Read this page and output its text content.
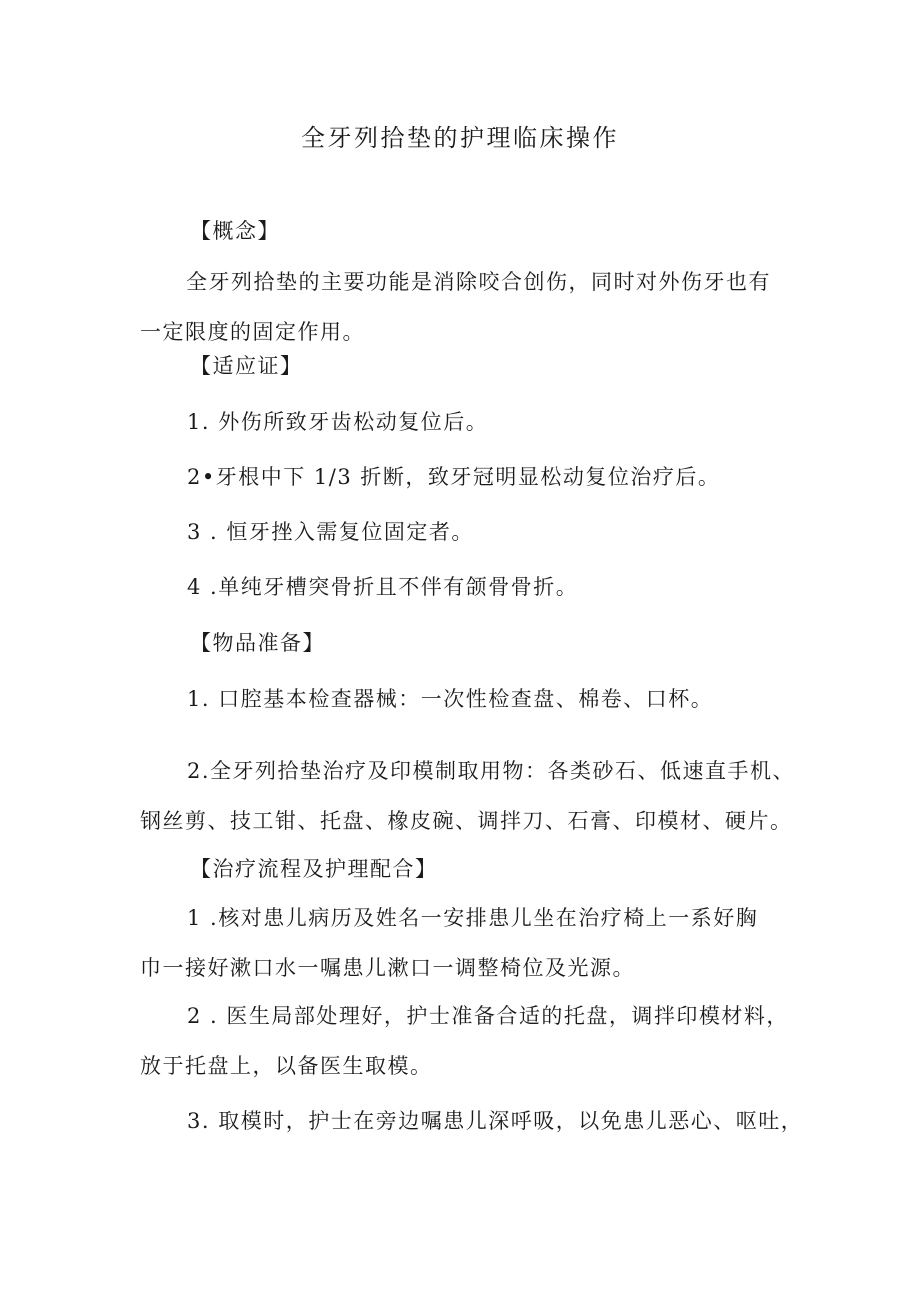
全牙列拾垫的护理临床操作
【概念】
全牙列拾垫的主要功能是消除咬合创伤，同时对外伤牙也有
一定限度的固定作用。
【适应证】
1. 外伤所致牙齿松动复位后。
2•牙根中下 1/3 折断，致牙冠明显松动复位治疗后。
3 . 恒牙挫入需复位固定者。
4 .单纯牙槽突骨折且不伴有颌骨骨折。
【物品准备】
1. 口腔基本检查器械：一次性检查盘、棉卷、口杯。
2.全牙列拾垫治疗及印模制取用物：各类砂石、低速直手机、
钢丝剪、技工钳、托盘、橡皮碗、调拌刀、石膏、印模材、硬片。
【治疗流程及护理配合】
1 .核对患儿病历及姓名一安排患儿坐在治疗椅上一系好胸
巾一接好漱口水一嘱患儿漱口一调整椅位及光源。
2 . 医生局部处理好，护士准备合适的托盘，调拌印模材料，
放于托盘上，以备医生取模。
3. 取模时，护士在旁边嘱患儿深呼吸，以免患儿恶心、呕吐，
